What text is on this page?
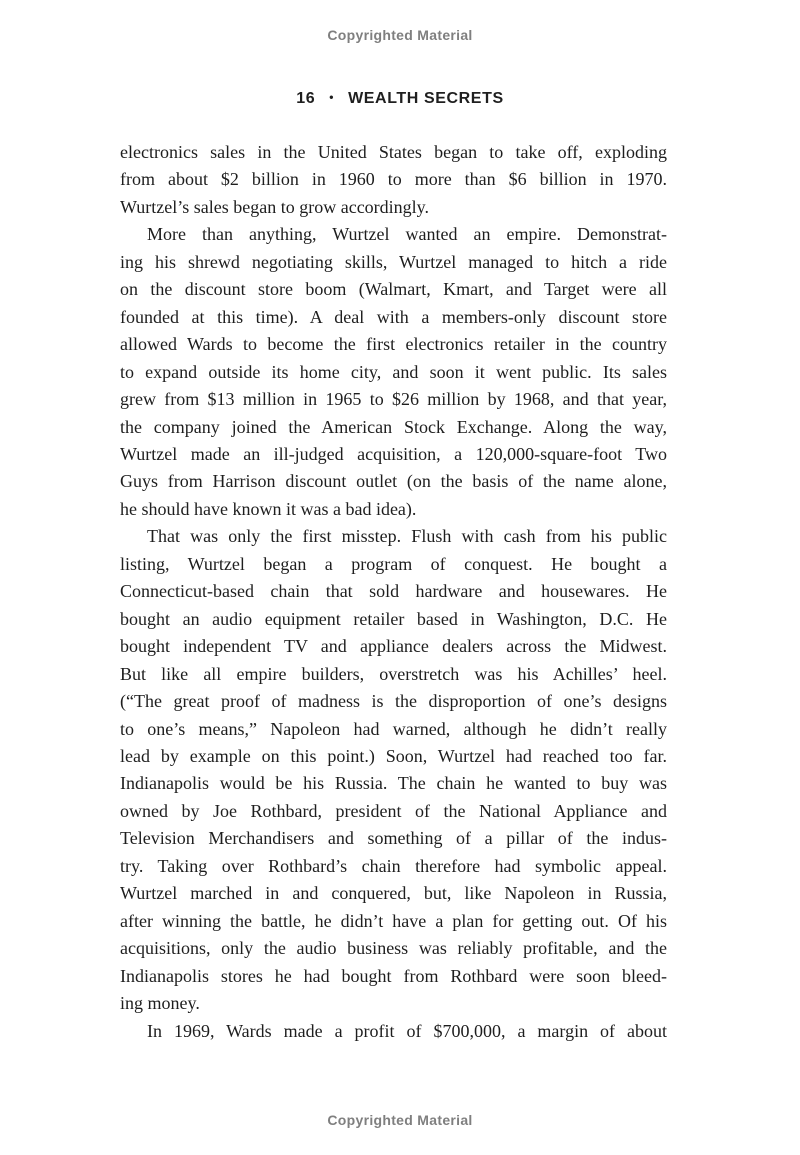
Copyrighted Material
16 • WEALTH SECRETS
electronics sales in the United States began to take off, exploding
from about $2 billion in 1960 to more than $6 billion in 1970.
Wurtzel’s sales began to grow accordingly.
More than anything, Wurtzel wanted an empire. Demonstrat-
ing his shrewd negotiating skills, Wurtzel managed to hitch a ride
on the discount store boom (Walmart, Kmart, and Target were all
founded at this time). A deal with a members-only discount store
allowed Wards to become the first electronics retailer in the country
to expand outside its home city, and soon it went public. Its sales
grew from $13 million in 1965 to $26 million by 1968, and that year,
the company joined the American Stock Exchange. Along the way,
Wurtzel made an ill-judged acquisition, a 120,000-square-foot Two
Guys from Harrison discount outlet (on the basis of the name alone,
he should have known it was a bad idea).
That was only the first misstep. Flush with cash from his public
listing, Wurtzel began a program of conquest. He bought a
Connecticut-based chain that sold hardware and housewares. He
bought an audio equipment retailer based in Washington, D.C. He
bought independent TV and appliance dealers across the Midwest.
But like all empire builders, overstretch was his Achilles’ heel.
(“The great proof of madness is the disproportion of one’s designs
to one’s means,” Napoleon had warned, although he didn’t really
lead by example on this point.) Soon, Wurtzel had reached too far.
Indianapolis would be his Russia. The chain he wanted to buy was
owned by Joe Rothbard, president of the National Appliance and
Television Merchandisers and something of a pillar of the indus-
try. Taking over Rothbard’s chain therefore had symbolic appeal.
Wurtzel marched in and conquered, but, like Napoleon in Russia,
after winning the battle, he didn’t have a plan for getting out. Of his
acquisitions, only the audio business was reliably profitable, and the
Indianapolis stores he had bought from Rothbard were soon bleed-
ing money.
In 1969, Wards made a profit of $700,000, a margin of about
Copyrighted Material
